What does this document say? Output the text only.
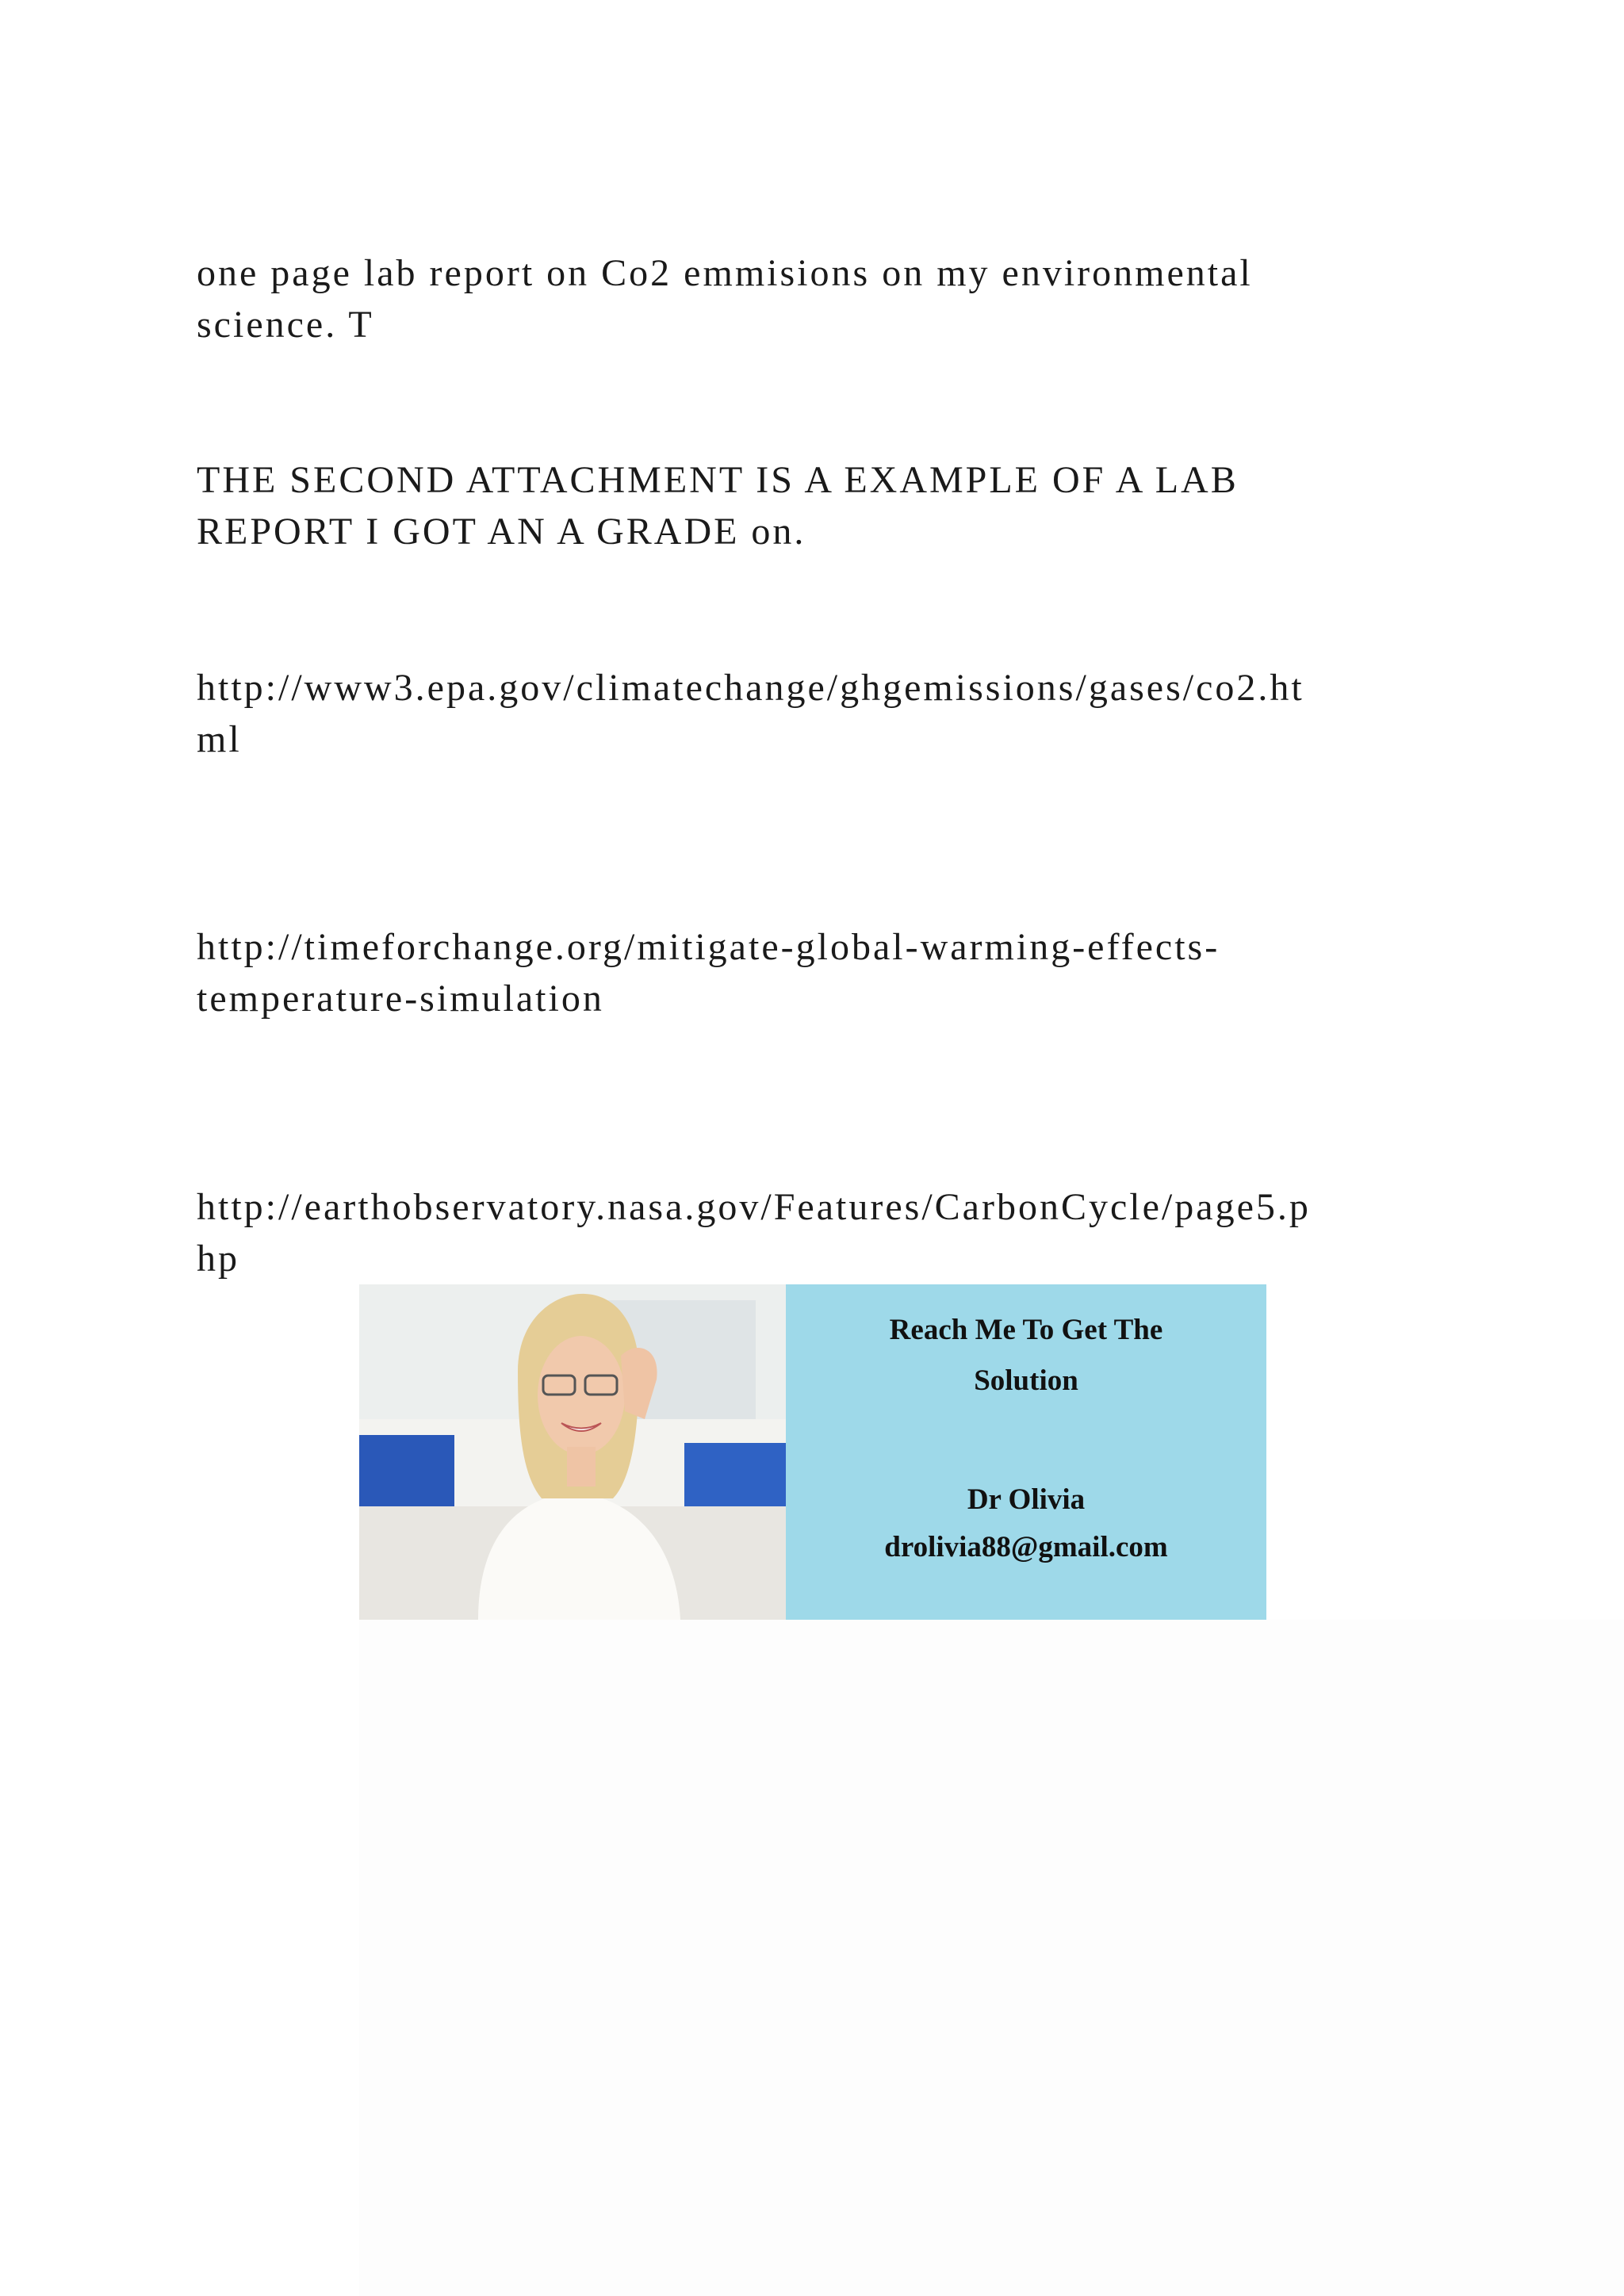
one page lab report on Co2 emmisions on my environmental
science. T

THE SECOND ATTACHMENT IS A EXAMPLE OF A LAB
REPORT I GOT AN A GRADE on.

http://www3.epa.gov/climatechange/ghgemissions/gases/co2.ht
ml

http://timeforchange.org/mitigate-global-warming-effects-
temperature-simulation

http://earthobservatory.nasa.gov/Features/CarbonCycle/page5.p
hp

Reach Me To Get The
Solution
Dr Olivia
drolivia88@gmail.com
